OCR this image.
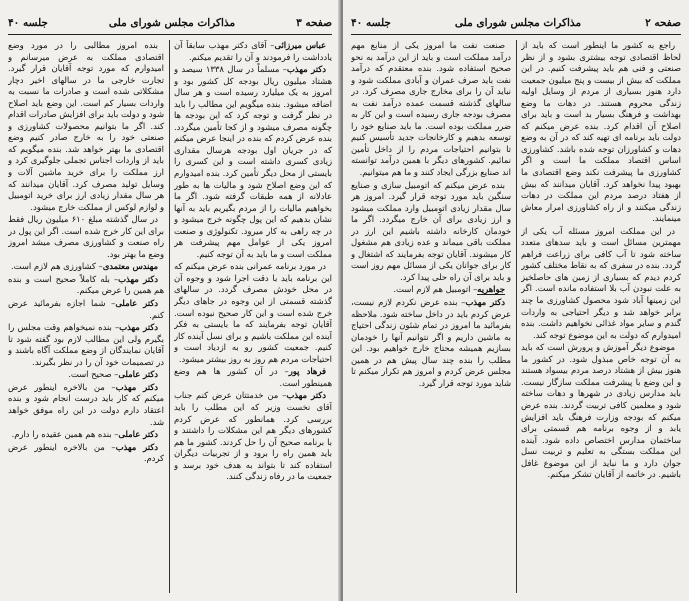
صفحه ۳
مذاکرات مجلس شورای ملی
جلسه ۴۰

عباس میرزائی– آقای دکتر مهذب سابقاً آن یادداشت را فرمودند و آن را تقدیم میکنم.

دکتر مهذب– مسلماً در سال ۱۳۳۸ سیصد و هشتاد میلیون ریال بودجه کل کشور بود و امروز به یک میلیارد رسیده است و هر سال اضافه میشود. بنده میگویم این مطالب را باید در نظر گرفت و توجه کرد که این بودجه ها چگونه مصرف میشود و از کجا تأمین میگردد. بنده عرض کردم که بنده در اینجا عرض میکنم که در جریان اول بودجه هرسال مقداری زیادی کسری داشته است و این کسری را بایستی از محل دیگر تأمین کرد. بنده امیدوارم که این وضع اصلاح شود و مالیات ها به طور عادلانه از همه طبقات گرفته شود. اگر ما بخواهیم مالیات را از مردم بگیریم باید به آنها نشان بدهیم که این پول چگونه خرج میشود و در چه راهی به کار میرود. تکنولوژی و صنعت امروز یکی از عوامل مهم پیشرفت هر مملکت است و ما باید به آن توجه کنیم.

در مورد برنامه عمرانی بنده عرض میکنم که این برنامه باید با دقت اجرا شود و وجوه آن در محل خودش مصرف گردد. در سالهای گذشته قسمتی از این وجوه در جاهای دیگر خرج شده است و این کار صحیح نبوده است. آقایان توجه بفرمایند که ما بایستی به فکر آینده این مملکت باشیم و برای نسل آینده کار کنیم. جمعیت کشور رو به ازدیاد است و احتیاجات مردم هم روز به روز بیشتر میشود.

فرهاد پور– در آن کشور ها هم وضع همینطور است.

دکتر مهذب– من خدمتتان عرض کنم جناب آقای نخست وزیر که این مطلب را باید بررسی کرد. همانطور که عرض کردم کشورهای دیگر هم این مشکلات را داشتند و با برنامه صحیح آن را حل کردند. کشور ما هم باید همین راه را برود و از تجربیات دیگران استفاده کند تا بتواند به هدف خود برسد و جمعیت ما در رفاه زندگی کنند.

بنده امروز مطالبی را در مورد وضع اقتصادی مملکت به عرض میرسانم و امیدوارم که مورد توجه آقایان قرار گیرد. تجارت خارجی ما در سالهای اخیر دچار مشکلاتی شده است و صادرات ما نسبت به واردات بسیار کم است. این وضع باید اصلاح شود و دولت باید برای افزایش صادرات اقدام کند. اگر ما بتوانیم محصولات کشاورزی و صنعتی خود را به خارج صادر کنیم وضع اقتصادی ما بهتر خواهد شد. بنده میگویم که باید از واردات اجناس تجملی جلوگیری کرد و ارز مملکت را برای خرید ماشین آلات و وسایل تولید مصرف کرد. آقایان میدانند که هر سال مقدار زیادی ارز برای خرید اتومبیل و لوازم لوکس از مملکت خارج میشود.

در سال گذشته مبلغ ۶۱۰ میلیون ریال فقط برای این کار خرج شده است. اگر این پول در راه صنعت و کشاورزی مصرف میشد امروز وضع ما بهتر بود.

مهندس معتمدی– کشاورزی هم لازم است.

دکتر مهذب– بله کاملاً صحیح است و بنده هم همین را عرض میکنم.

دکتر عاملی– شما اجازه بفرمائید عرض کنم.

دکتر مهذب– بنده نمیخواهم وقت مجلس را بگیرم ولی این مطالب لازم بود گفته شود تا آقایان نمایندگان از وضع مملکت آگاه باشند و در تصمیمات خود آن را در نظر بگیرند.

دکتر عاملی– صحیح است.

دکتر مهذب– من بالاخره اینطور عرض میکنم که کار باید درست انجام شود و بنده اعتقاد دارم دولت در این راه موفق خواهد شد.

دکتر عاملی– بنده هم همین عقیده را دارم.

دکتر مهذب– من بالاخره اینطور عرض کردم.

صفحه ۲
مذاکرات مجلس شورای ملی
جلسه ۴۰

راجع به کشور ما اینطور است که باید از لحاظ اقتصادی توجه بیشتری بشود و از نظر صنعتی و فنی هم باید پیشرفت کنیم. در این مملکت که بیش از بیست و پنج میلیون جمعیت دارد هنوز بسیاری از مردم از وسایل اولیه زندگی محروم هستند. در دهات ما وضع بهداشت و فرهنگ بسیار بد است و باید برای اصلاح آن اقدام کرد. بنده عرض میکنم که دولت باید برنامه ای تهیه کند که در آن به وضع دهات و کشاورزان توجه شده باشد. کشاورزی اساس اقتصاد مملکت ما است و اگر کشاورزی ما پیشرفت نکند وضع اقتصادی ما بهبود پیدا نخواهد کرد. آقایان میدانند که بیش از هفتاد درصد مردم این مملکت در دهات زندگی میکنند و از راه کشاورزی امرار معاش مینمایند.

در این مملکت امروز مسئله آب یکی از مهمترین مسائل است و باید سدهای متعدد ساخته شود تا آب کافی برای زراعت فراهم گردد. بنده در سفری که به نقاط مختلف کشور کردم دیدم که بسیاری از زمین های حاصلخیز به علت نبودن آب بلا استفاده مانده است. اگر این زمینها آباد شود محصول کشاورزی ما چند برابر خواهد شد و دیگر احتیاجی به واردات گندم و سایر مواد غذائی نخواهیم داشت. بنده امیدوارم که دولت به این موضوع توجه کند.

موضوع دیگر آموزش و پرورش است که باید به آن توجه خاص مبذول شود. در کشور ما هنوز بیش از هشتاد درصد مردم بیسواد هستند و این وضع با پیشرفت مملکت سازگار نیست. باید مدارس زیادی در شهرها و دهات ساخته شود و معلمین کافی تربیت گردند. بنده عرض میکنم که بودجه وزارت فرهنگ باید افزایش یابد و از وجوه برنامه هم قسمتی برای ساختمان مدارس اختصاص داده شود. آینده این مملکت بستگی به تعلیم و تربیت نسل جوان دارد و ما نباید از این موضوع غافل باشیم. در خاتمه از آقایان تشکر میکنم.

صنعت نفت ما امروز یکی از منابع مهم درآمد مملکت است و باید از این درآمد به نحو صحیح استفاده شود. بنده معتقدم که درآمد نفت باید صرف عمران و آبادی مملکت شود و نباید آن را برای مخارج جاری مصرف کرد. در سالهای گذشته قسمت عمده درآمد نفت به مصرف بودجه جاری رسیده است و این کار به ضرر مملکت بوده است. ما باید صنایع خود را توسعه بدهیم و کارخانجات جدید تأسیس کنیم تا بتوانیم احتیاجات مردم را از داخل تأمین نمائیم. کشورهای دیگر با همین درآمد توانسته اند صنایع بزرگی ایجاد کنند و ما هم میتوانیم.

بنده عرض میکنم که اتومبیل سازی و صنایع سنگین باید مورد توجه قرار گیرد. امروز هر سال مقدار زیادی اتومبیل وارد مملکت میشود و ارز زیادی برای آن خارج میگردد. اگر ما خودمان کارخانه داشته باشیم این ارز در مملکت باقی میماند و عده زیادی هم مشغول کار میشوند. آقایان توجه بفرمایند که اشتغال و کار برای جوانان یکی از مسائل مهم روز است و باید برای آن راه حلی پیدا کرد.

جواهریه– اتومبیل هم لازم است.

دکتر مهذب– بنده عرض نکردم لازم نیست، عرض کردم باید در داخل ساخته شود. ملاحظه بفرمائید ما امروز در تمام شئون زندگی احتیاج به ماشین داریم و اگر نتوانیم آنها را خودمان بسازیم همیشه محتاج خارج خواهیم بود. این مطلب را بنده چند سال پیش هم در همین مجلس عرض کردم و امروز هم تکرار میکنم تا شاید مورد توجه قرار گیرد.
